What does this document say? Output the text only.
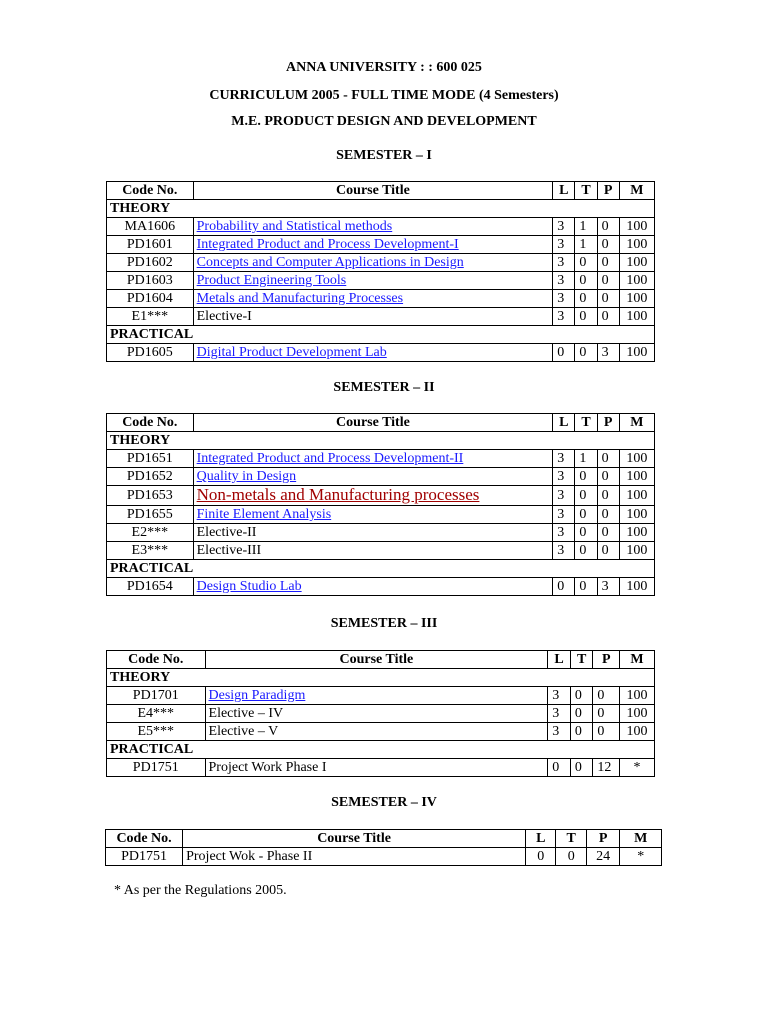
ANNA UNIVERSITY : : 600 025
CURRICULUM 2005 - FULL TIME MODE (4 Semesters)
M.E. PRODUCT DESIGN AND DEVELOPMENT
SEMESTER – I
Code No.	Course Title	L	T	P	M
THEORY					
MA1606	Probability and Statistical methods	3	1	0	100
PD1601	Integrated Product and Process Development-I	3	1	0	100
PD1602	Concepts and Computer Applications in Design	3	0	0	100
PD1603	Product Engineering Tools	3	0	0	100
PD1604	Metals and Manufacturing Processes	3	0	0	100
E1***	Elective-I	3	0	0	100
PRACTICAL					
PD1605	Digital Product Development Lab	0	0	3	100
SEMESTER – II
Code No.	Course Title	L	T	P	M
THEORY					
PD1651	Integrated Product and Process Development-II	3	1	0	100
PD1652	Quality in Design	3	0	0	100
PD1653	Non-metals and Manufacturing processes	3	0	0	100
PD1655	Finite Element Analysis	3	0	0	100
E2***	Elective-II	3	0	0	100
E3***	Elective-III	3	0	0	100
PRACTICAL					
PD1654	Design Studio Lab	0	0	3	100
SEMESTER – III
Code No.	Course Title	L	T	P	M
THEORY					
PD1701	Design Paradigm	3	0	0	100
E4***	Elective – IV	3	0	0	100
E5***	Elective – V	3	0	0	100
PRACTICAL					
PD1751	Project Work Phase I	0	0	12	*
SEMESTER – IV
Code No.	Course Title	L	T	P	M
PD1751	Project Wok - Phase II	0	0	24	*
* As per the Regulations 2005.
